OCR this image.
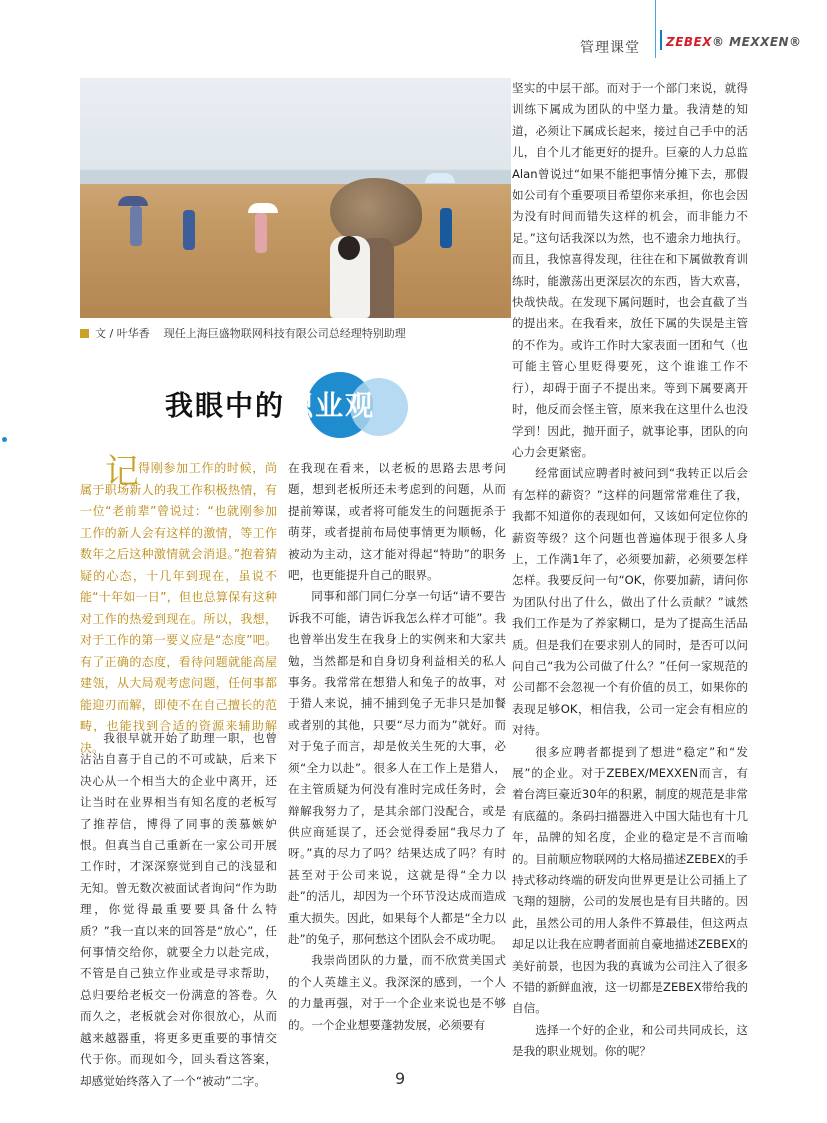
管理课堂 ZEBEX® MEXXEN®
文 / 叶华香 现任上海巨盛物联网科技有限公司总经理特别助理
我眼中的职业观
记 得刚参加工作的时候，尚属于职场新人的我工作积极热情，有一位“老前辈”曾说过：“也就刚参加工作的新人会有这样的激情，等工作数年之后这种激情就会消退。”抱着猜疑的心态，十几年到现在，虽说不能“十年如一日”，但也总算保有这种对工作的热爱到现在。所以，我想，对于工作的第一要义应是“态度”吧。有了正确的态度，看待问题就能高屋建瓴，从大局观考虑问题，任何事都能迎刃而解，即使不在自己擅长的范畴，也能找到合适的资源来辅助解决。

我很早就开始了助理一职，也曾沾沾自喜于自己的不可或缺，后来下决心从一个相当大的企业中离开，还让当时在业界相当有知名度的老板写了推荐信，博得了同事的羡慕嫉妒恨。但真当自己重新在一家公司开展工作时，才深深察觉到自己的浅显和无知。曾无数次被面试者询问“作为助理，你觉得最重要要具备什么特质？”我一直以来的回答是“放心”，任何事情交给你，就要全力以赴完成，不管是自己独立作业或是寻求帮助，总归要给老板交一份满意的答卷。久而久之，老板就会对你很放心，从而越来越器重，将更多更重要的事情交代于你。而现如今，回头看这答案，却感觉始终落入了一个“被动”二字。

在我现在看来，以老板的思路去思考问题，想到老板所还未考虑到的问题，从而提前筹谋，或者将可能发生的问题扼杀于萌芽，或者提前布局使事情更为顺畅，化被动为主动，这才能对得起“特助”的职务吧，也更能提升自己的眼界。

同事和部门同仁分享一句话“请不要告诉我不可能，请告诉我怎么样才可能”。我也曾举出发生在我身上的实例来和大家共勉，当然都是和自身切身利益相关的私人事务。我常常在想猎人和兔子的故事，对于猎人来说，捕不捕到兔子无非只是加餐或者别的其他，只要“尽力而为”就好。而对于兔子而言，却是攸关生死的大事，必须“全力以赴”。很多人在工作上是猎人，在主管质疑为何没有准时完成任务时，会辩解我努力了，是其余部门没配合，或是供应商延误了，还会觉得委屈“我尽力了呀。”真的尽力了吗？结果达成了吗？有时甚至对于公司来说，这就是得“全力以赴”的活儿，却因为一个环节没达成而造成重大损失。因此，如果每个人都是“全力以赴”的兔子，那何愁这个团队会不成功呢。

我崇尚团队的力量，而不欣赏美国式的个人英雄主义。我深深的感到，一个人的力量再强，对于一个企业来说也是不够的。一个企业想要蓬勃发展，必须要有

坚实的中层干部。而对于一个部门来说，就得训练下属成为团队的中坚力量。我清楚的知道，必须让下属成长起来，接过自己手中的活儿，自个儿才能更好的提升。巨豪的人力总监Alan曾说过“如果不能把事情分摊下去，那假如公司有个重要项目希望你来承担，你也会因为没有时间而错失这样的机会，而非能力不足。”这句话我深以为然，也不遗余力地执行。而且，我惊喜得发现，往往在和下属做教育训练时，能激荡出更深层次的东西，皆大欢喜，快哉快哉。在发现下属问题时，也会直截了当的提出来。在我看来，放任下属的失误是主管的不作为。或许工作时大家表面一团和气（也可能主管心里贬得要死，这个谁谁工作不行），却碍于面子不提出来。等到下属要离开时，他反而会怪主管，原来我在这里什么也没学到！因此，抛开面子，就事论事，团队的向心力会更紧密。

经常面试应聘者时被问到“我转正以后会有怎样的薪资？”这样的问题常常难住了我，我都不知道你的表现如何，又该如何定位你的薪资等级？这个问题也普遍体现于很多人身上，工作满1年了，必须要加薪，必须要怎样怎样。我要反问一句“OK，你要加薪，请问你为团队付出了什么，做出了什么贡献？”诚然我们工作是为了养家糊口，是为了提高生活品质。但是我们在要求别人的同时，是否可以问问自己“我为公司做了什么？”任何一家规范的公司都不会忽视一个有价值的员工，如果你的表现足够OK，相信我，公司一定会有相应的对待。

很多应聘者都提到了想进“稳定”和“发展”的企业。对于ZEBEX/MEXXEN而言，有着台湾巨豪近30年的积累，制度的规范是非常有底蕴的。条码扫描器进入中国大陆也有十几年，品牌的知名度，企业的稳定是不言而喻的。目前顺应物联网的大格局描述ZEBEX的手持式移动终端的研发向世界更是让公司插上了飞翔的翅膀，公司的发展也是有目共睹的。因此，虽然公司的用人条件不算最佳，但这两点却足以让我在应聘者面前自豪地描述ZEBEX的美好前景，也因为我的真诚为公司注入了很多不错的新鲜血液，这一切都是ZEBEX带给我的自信。

选择一个好的企业，和公司共同成长，这是我的职业规划。你的呢？

9
